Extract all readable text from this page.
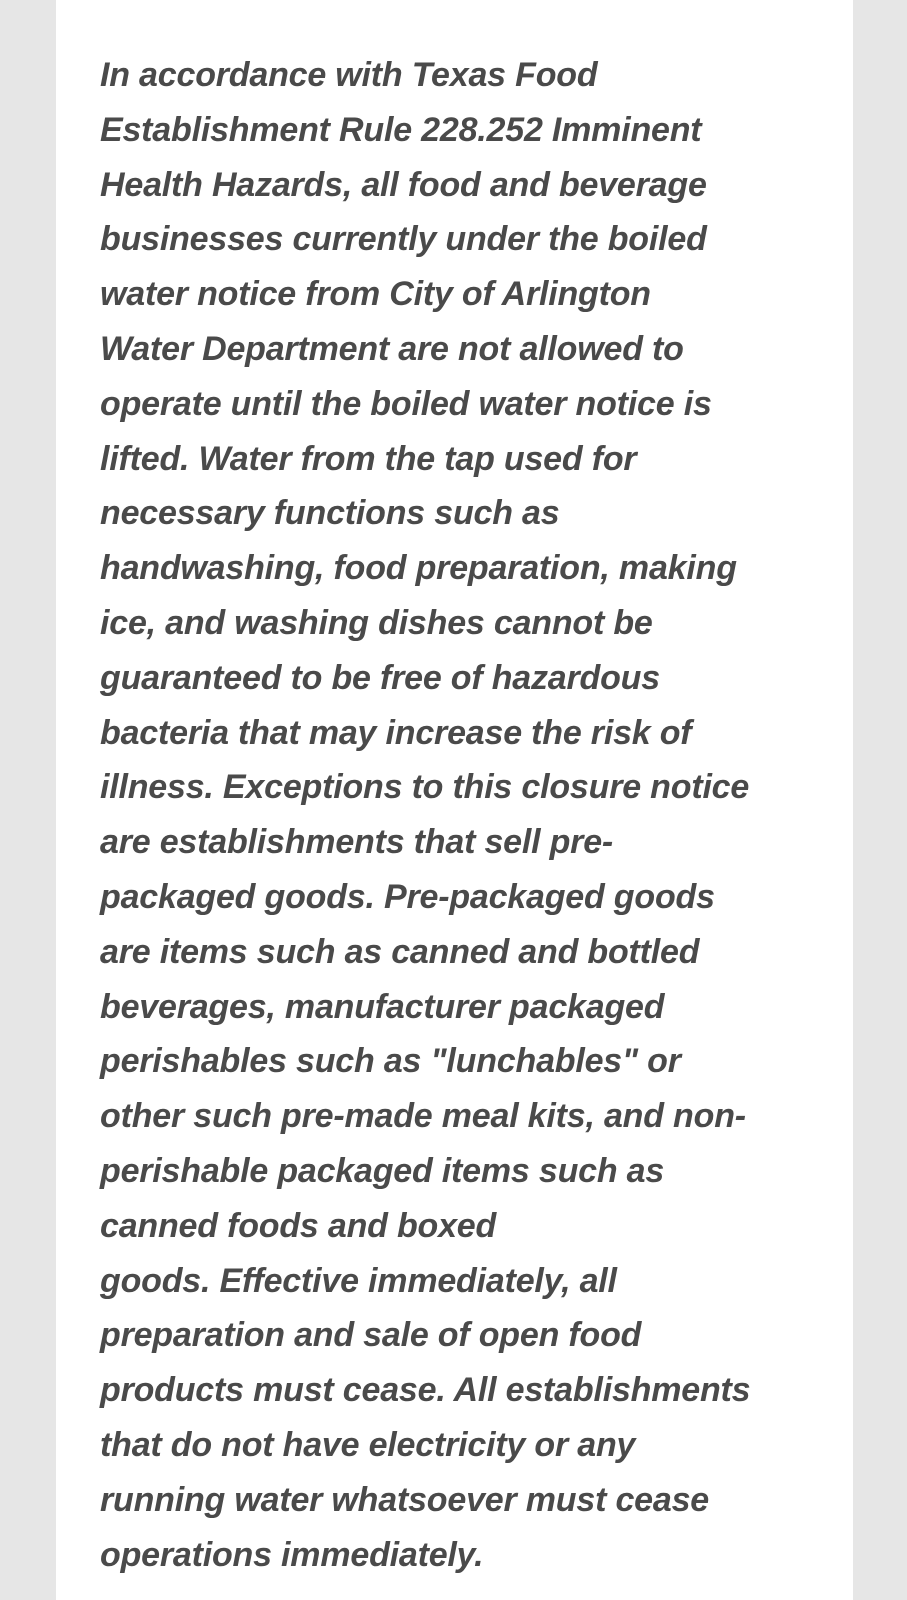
In accordance with Texas Food
Establishment Rule 228.252 Imminent
Health Hazards, all food and beverage
businesses currently under the boiled
water notice from City of Arlington
Water Department are not allowed to
operate until the boiled water notice is
lifted. Water from the tap used for
necessary functions such as
handwashing, food preparation, making
ice, and washing dishes cannot be
guaranteed to be free of hazardous
bacteria that may increase the risk of
illness. Exceptions to this closure notice
are establishments that sell pre-
packaged goods. Pre-packaged goods
are items such as canned and bottled
beverages, manufacturer packaged
perishables such as "lunchables" or
other such pre-made meal kits, and non-
perishable packaged items such as
canned foods and boxed
goods. Effective immediately, all
preparation and sale of open food
products must cease. All establishments
that do not have electricity or any
running water whatsoever must cease
operations immediately.
